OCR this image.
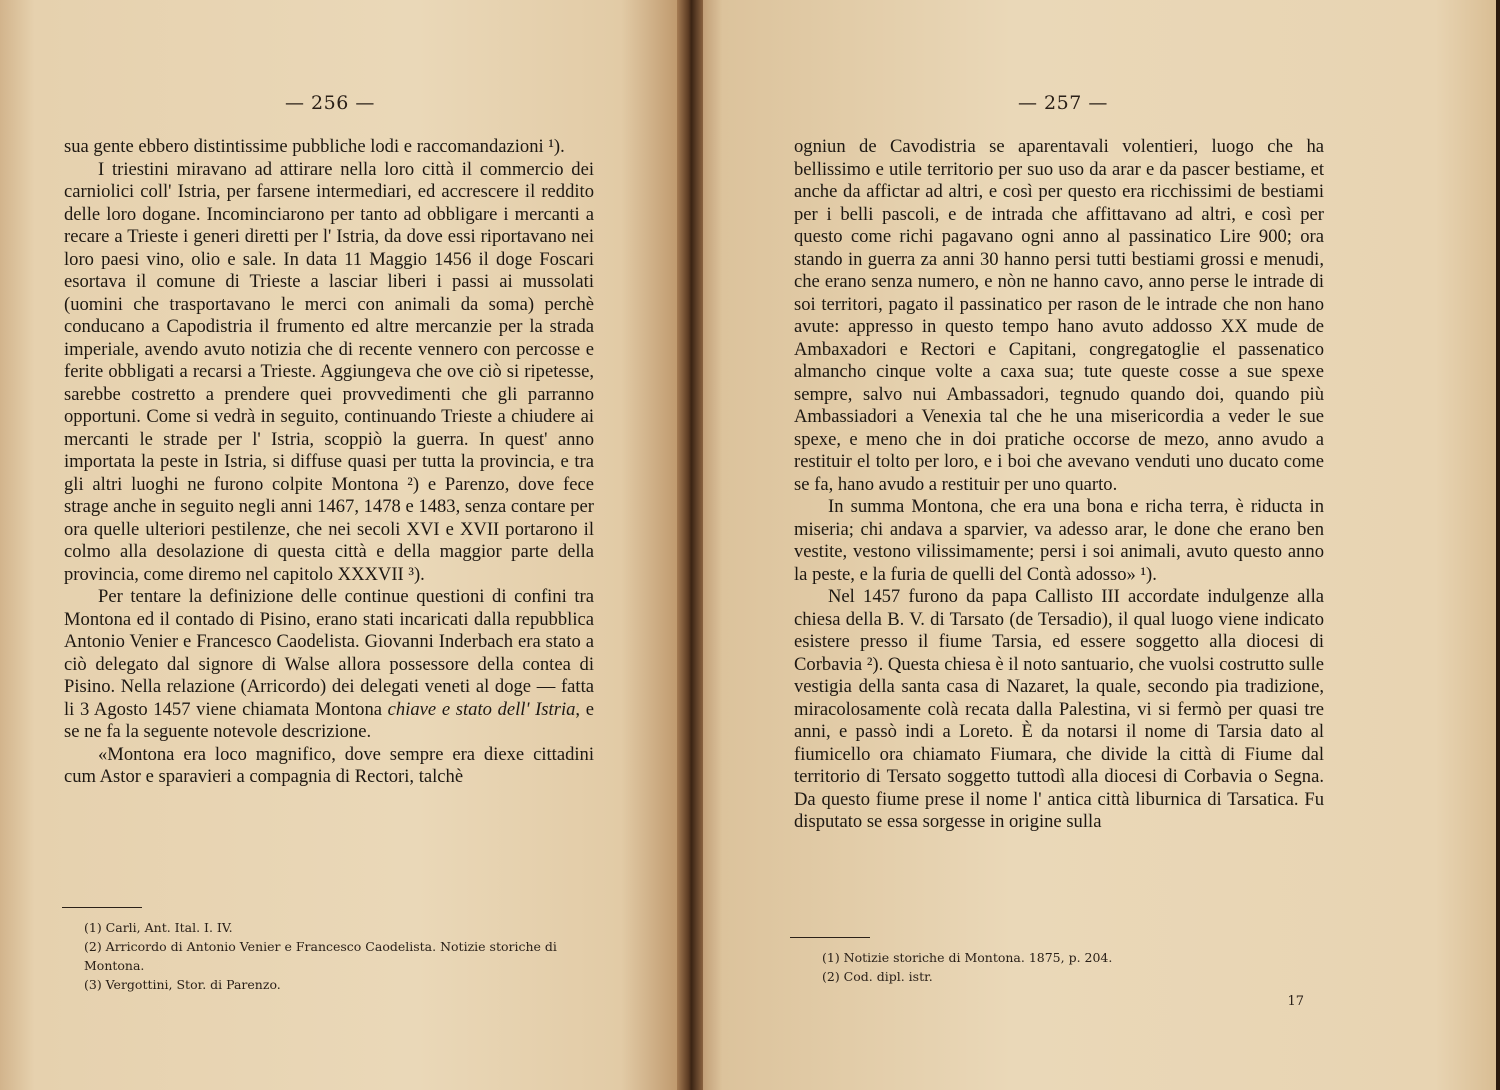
— 256 —

sua gente ebbero distintissime pubbliche lodi e raccomandazioni ¹).

I triestini miravano ad attirare nella loro città il commercio dei carniolici coll' Istria, per farsene intermediari, ed accrescere il reddito delle loro dogane. Incominciarono per tanto ad obbligare i mercanti a recare a Trieste i generi diretti per l' Istria, da dove essi riportavano nei loro paesi vino, olio e sale. In data 11 Maggio 1456 il doge Foscari esortava il comune di Trieste a lasciar liberi i passi ai mussolati (uomini che trasportavano le merci con animali da soma) perchè conducano a Capodistria il frumento ed altre mercanzie per la strada imperiale, avendo avuto notizia che di recente vennero con percosse e ferite obbligati a recarsi a Trieste. Aggiungeva che ove ciò si ripetesse, sarebbe costretto a prendere quei provvedimenti che gli parranno opportuni. Come si vedrà in seguito, continuando Trieste a chiudere ai mercanti le strade per l' Istria, scoppiò la guerra. In quest' anno importata la peste in Istria, si diffuse quasi per tutta la provincia, e tra gli altri luoghi ne furono colpite Montona ²) e Parenzo, dove fece strage anche in seguito negli anni 1467, 1478 e 1483, senza contare per ora quelle ulteriori pestilenze, che nei secoli XVI e XVII portarono il colmo alla desolazione di questa città e della maggior parte della provincia, come diremo nel capitolo XXXVII ³).

Per tentare la definizione delle continue questioni di confini tra Montona ed il contado di Pisino, erano stati incaricati dalla repubblica Antonio Venier e Francesco Caodelista. Giovanni Inderbach era stato a ciò delegato dal signore di Walse allora possessore della contea di Pisino. Nella relazione (Arricordo) dei delegati veneti al doge — fatta li 3 Agosto 1457 viene chiamata Montona chiave e stato dell' Istria, e se ne fa la seguente notevole descrizione.

«Montona era loco magnifico, dove sempre era diexe cittadini cum Astor e sparavieri a compagnia di Rectori, talchè

(1) Carli, Ant. Ital. I. IV.

(2) Arricordo di Antonio Venier e Francesco Caodelista. Notizie storiche di Montona.

(3) Vergottini, Stor. di Parenzo.

— 257 —

ogniun de Cavodistria se aparentavali volentieri, luogo che ha bellissimo e utile territorio per suo uso da arar e da pascer bestiame, et anche da affictar ad altri, e così per questo era ricchissimi de bestiami per i belli pascoli, e de intrada che affittavano ad altri, e così per questo come richi pagavano ogni anno al passinatico Lire 900; ora stando in guerra za anni 30 hanno persi tutti bestiami grossi e menudi, che erano senza numero, e nòn ne hanno cavo, anno perse le intrade di soi territori, pagato il passinatico per rason de le intrade che non hano avute: appresso in questo tempo hano avuto addosso XX mude de Ambaxadori e Rectori e Capitani, congregatoglie el passenatico almancho cinque volte a caxa sua; tute queste cosse a sue spexe sempre, salvo nui Ambassadori, tegnudo quando doi, quando più Ambassiadori a Venexia tal che he una misericordia a veder le sue spexe, e meno che in doi pratiche occorse de mezo, anno avudo a restituir el tolto per loro, e i boi che avevano venduti uno ducato come se fa, hano avudo a restituir per uno quarto.

In summa Montona, che era una bona e richa terra, è riducta in miseria; chi andava a sparvier, va adesso arar, le done che erano ben vestite, vestono vilissimamente; persi i soi animali, avuto questo anno la peste, e la furia de quelli del Contà adosso» ¹).

Nel 1457 furono da papa Callisto III accordate indulgenze alla chiesa della B. V. di Tarsato (de Tersadio), il qual luogo viene indicato esistere presso il fiume Tarsia, ed essere soggetto alla diocesi di Corbavia ²). Questa chiesa è il noto santuario, che vuolsi costrutto sulle vestigia della santa casa di Nazaret, la quale, secondo pia tradizione, miracolosamente colà recata dalla Palestina, vi si fermò per quasi tre anni, e passò indi a Loreto. È da notarsi il nome di Tarsia dato al fiumicello ora chiamato Fiumara, che divide la città di Fiume dal territorio di Tersato soggetto tuttodì alla diocesi di Corbavia o Segna. Da questo fiume prese il nome l' antica città liburnica di Tarsatica. Fu disputato se essa sorgesse in origine sulla

(1) Notizie storiche di Montona. 1875, p. 204.

(2) Cod. dipl. istr.

17
